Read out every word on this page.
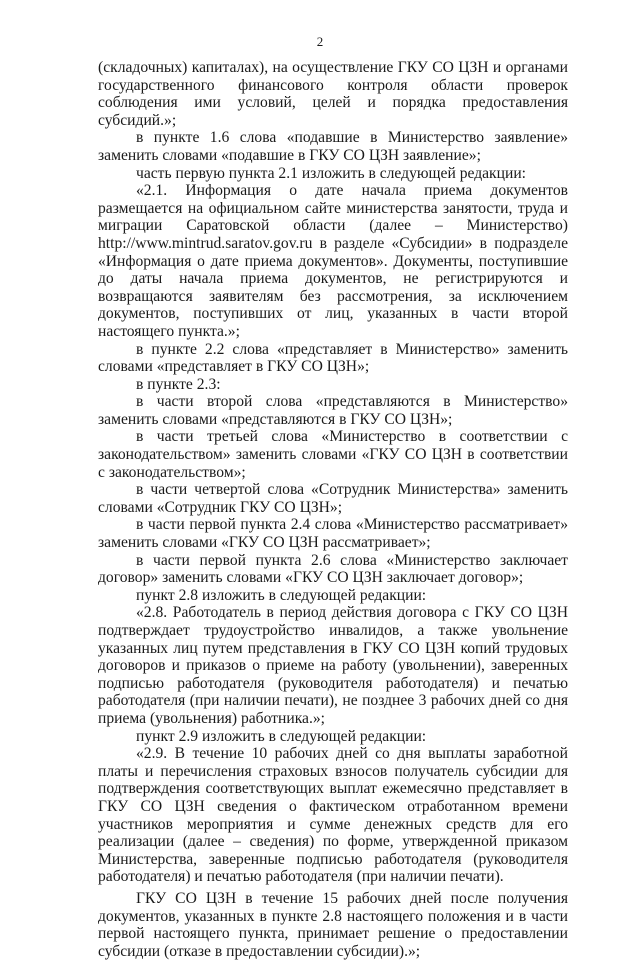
2

(складочных) капиталах), на осуществление ГКУ СО ЦЗН и органами государственного финансового контроля области проверок соблюдения ими условий, целей и порядка предоставления субсидий.»;

в пункте 1.6 слова «подавшие в Министерство заявление» заменить словами «подавшие в ГКУ СО ЦЗН заявление»;

часть первую пункта 2.1 изложить в следующей редакции:

«2.1. Информация о дате начала приема документов размещается на официальном сайте министерства занятости, труда и миграции Саратовской области (далее – Министерство) http://www.mintrud.saratov.gov.ru в разделе «Субсидии» в подразделе «Информация о дате приема документов». Документы, поступившие до даты начала приема документов, не регистрируются и возвращаются заявителям без рассмотрения, за исключением документов, поступивших от лиц, указанных в части второй настоящего пункта.»;

в пункте 2.2 слова «представляет в Министерство» заменить словами «представляет в ГКУ СО ЦЗН»;

в пункте 2.3:

в части второй слова «представляются в Министерство» заменить словами «представляются в ГКУ СО ЦЗН»;

в части третьей слова «Министерство в соответствии с законодательством» заменить словами «ГКУ СО ЦЗН в соответствии с законодательством»;

в части четвертой слова «Сотрудник Министерства» заменить словами «Сотрудник ГКУ СО ЦЗН»;

в части первой пункта 2.4 слова «Министерство рассматривает» заменить словами «ГКУ СО ЦЗН рассматривает»;

в части первой пункта 2.6 слова «Министерство заключает договор» заменить словами «ГКУ СО ЦЗН заключает договор»;

пункт 2.8 изложить в следующей редакции:

«2.8. Работодатель в период действия договора с ГКУ СО ЦЗН подтверждает трудоустройство инвалидов, а также увольнение указанных лиц путем представления в ГКУ СО ЦЗН копий трудовых договоров и приказов о приеме на работу (увольнении), заверенных подписью работодателя (руководителя работодателя) и печатью работодателя (при наличии печати), не позднее 3 рабочих дней со дня приема (увольнения) работника.»;

пункт 2.9 изложить в следующей редакции:

«2.9. В течение 10 рабочих дней со дня выплаты заработной платы и перечисления страховых взносов получатель субсидии для подтверждения соответствующих выплат ежемесячно представляет в ГКУ СО ЦЗН сведения о фактическом отработанном времени участников мероприятия и сумме денежных средств для его реализации (далее – сведения) по форме, утвержденной приказом Министерства, заверенные подписью работодателя (руководителя работодателя) и печатью работодателя (при наличии печати).

ГКУ СО ЦЗН в течение 15 рабочих дней после получения документов, указанных в пункте 2.8 настоящего положения и в части первой настоящего пункта, принимает решение о предоставлении субсидии (отказе в предоставлении субсидии).»;
